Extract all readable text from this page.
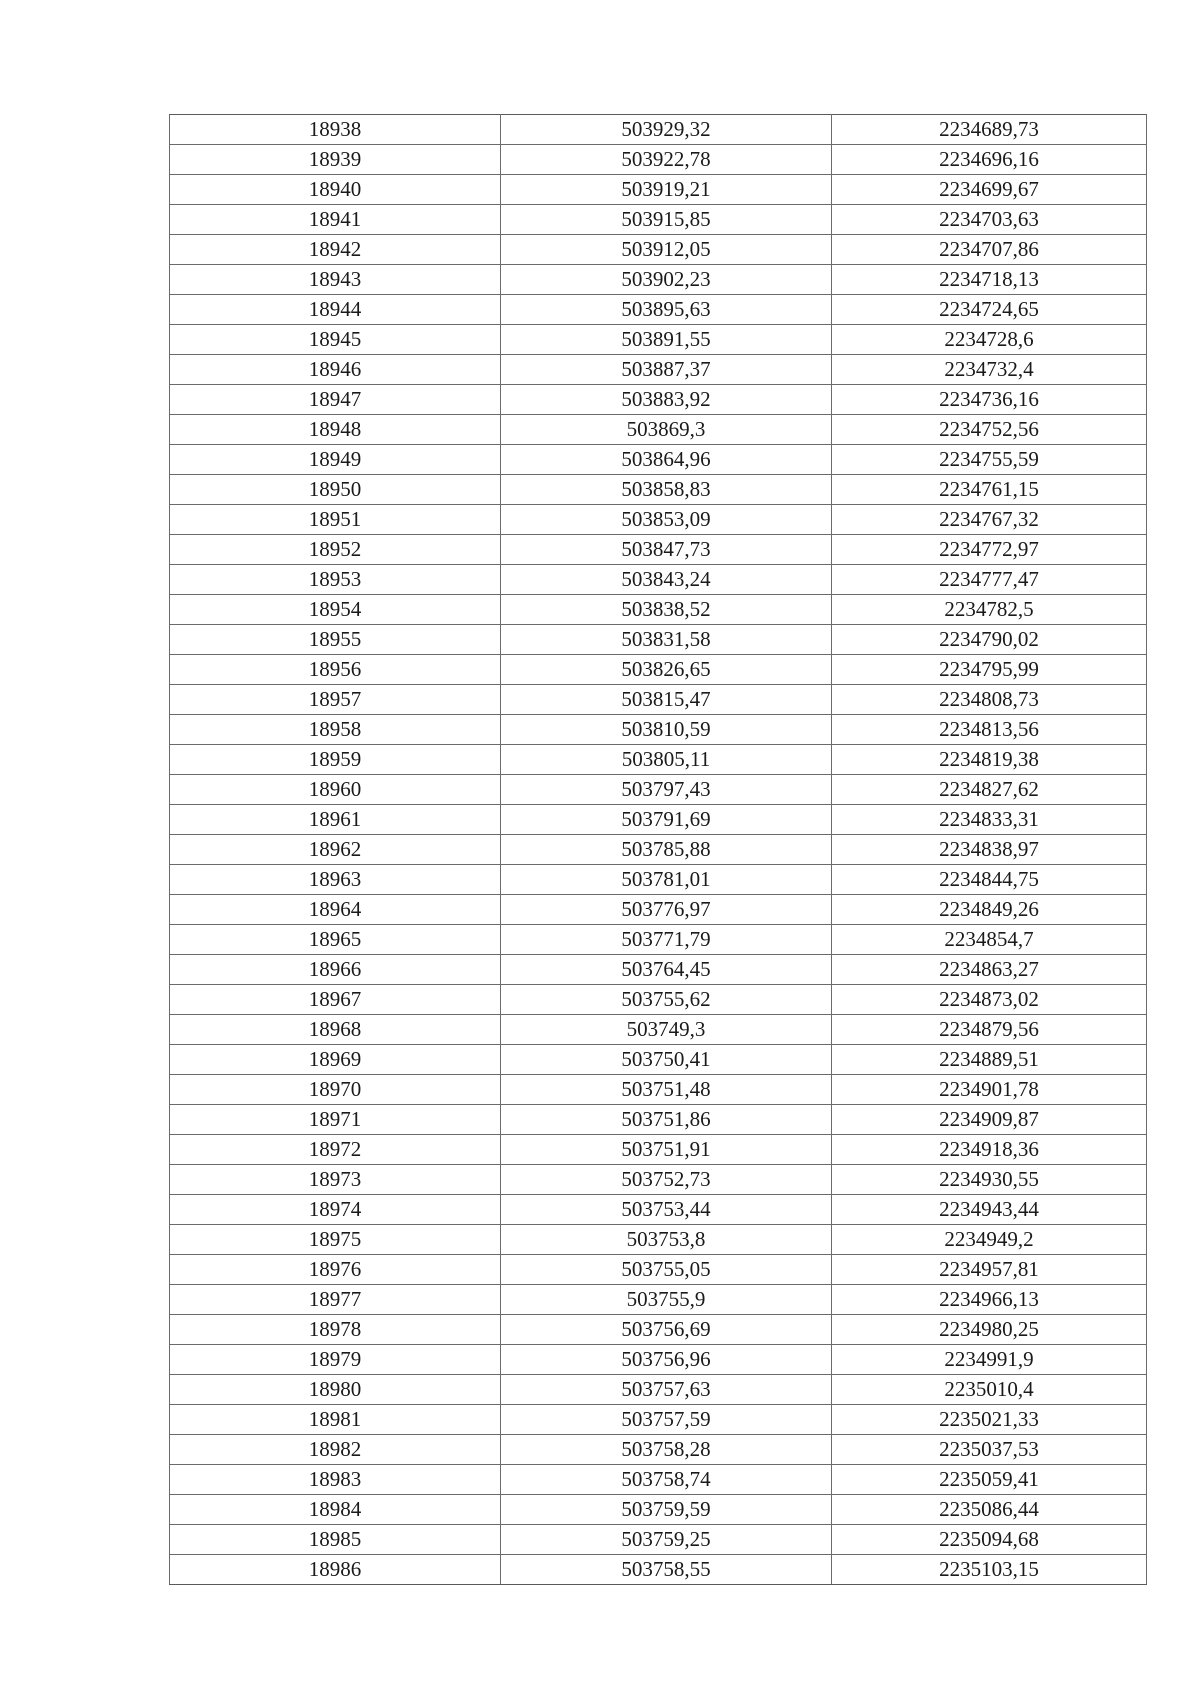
18938	503929,32	2234689,73
18939	503922,78	2234696,16
18940	503919,21	2234699,67
18941	503915,85	2234703,63
18942	503912,05	2234707,86
18943	503902,23	2234718,13
18944	503895,63	2234724,65
18945	503891,55	2234728,6
18946	503887,37	2234732,4
18947	503883,92	2234736,16
18948	503869,3	2234752,56
18949	503864,96	2234755,59
18950	503858,83	2234761,15
18951	503853,09	2234767,32
18952	503847,73	2234772,97
18953	503843,24	2234777,47
18954	503838,52	2234782,5
18955	503831,58	2234790,02
18956	503826,65	2234795,99
18957	503815,47	2234808,73
18958	503810,59	2234813,56
18959	503805,11	2234819,38
18960	503797,43	2234827,62
18961	503791,69	2234833,31
18962	503785,88	2234838,97
18963	503781,01	2234844,75
18964	503776,97	2234849,26
18965	503771,79	2234854,7
18966	503764,45	2234863,27
18967	503755,62	2234873,02
18968	503749,3	2234879,56
18969	503750,41	2234889,51
18970	503751,48	2234901,78
18971	503751,86	2234909,87
18972	503751,91	2234918,36
18973	503752,73	2234930,55
18974	503753,44	2234943,44
18975	503753,8	2234949,2
18976	503755,05	2234957,81
18977	503755,9	2234966,13
18978	503756,69	2234980,25
18979	503756,96	2234991,9
18980	503757,63	2235010,4
18981	503757,59	2235021,33
18982	503758,28	2235037,53
18983	503758,74	2235059,41
18984	503759,59	2235086,44
18985	503759,25	2235094,68
18986	503758,55	2235103,15
